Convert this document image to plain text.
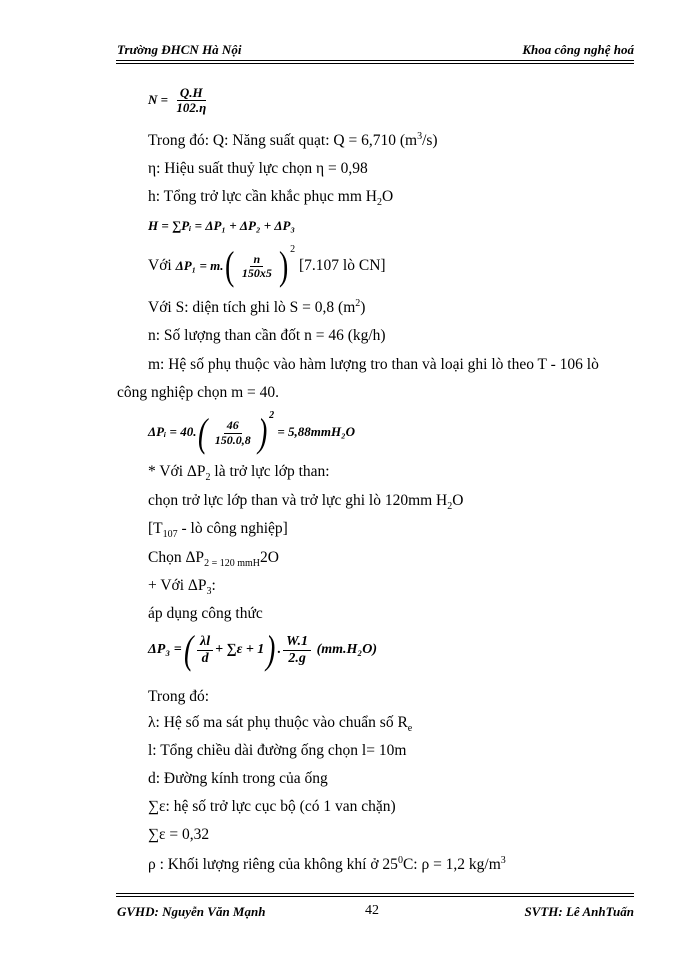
Trường ĐHCN Hà Nội	Khoa công nghệ hoá
$N = \frac{Q.H}{102.\eta}$
Trong đó: Q: Năng suất quạt: Q = 6,710 $(m^3/s)$
η: Hiệu suất thuỷ lực chọn η = 0,98
h: Tổng trở lực cần khắc phục mm $H_2O$
H = ∑Pᵢ = ΔP₁ + ΔP₂ + ΔP₃
Với $\Delta P_1 = m.( \frac{n}{150x5}$ ) $^2$ [7.107 lò CN]
Với S: diện tích ghi lò S = 0,8 $(m^2)$
n: Số lượng than cần đốt n = 46 (kg/h)
m: Hệ số phụ thuộc vào hàm lượng tro than và loại ghi lò theo T - 106 lò
công nghiệp chọn m = 40.
ΔPᵢ = $40.( \frac{46}{150.0,8}$ ) $^2$ = 5,88mmH₂O
* Với $\Delta P_2$ là trở lực lớp than:
chọn trở lực lớp than và trở lực ghi lò 120mm $H_2O$
[$T_{107}$ - lò công nghiệp]
Chọn $\Delta P_{2 = 120 mmH}2O$
+ Với $\Delta P_3$:
áp dụng công thức
ΔP₃ =( $\frac{\lambda l}{d} + \sum\varepsilon + 1$) . $\frac{W.1}{2.g} (mm.H_2O)$
Trong đó:
λ: Hệ số ma sát phụ thuộc vào chuẩn số $R_e$
l: Tổng chiều dài đường ống chọn l= 10m
d: Đường kính trong của ống
∑ε: hệ số trở lực cục bộ (có 1 van chặn)
∑ε = 0,32
ρ : Khối lượng riêng của không khí ở $25^0C$: ρ = 1,2 $kg/m^3$
GVHD: Nguyễn Văn Mạnh	42	SVTH: Lê AnhTuấn
